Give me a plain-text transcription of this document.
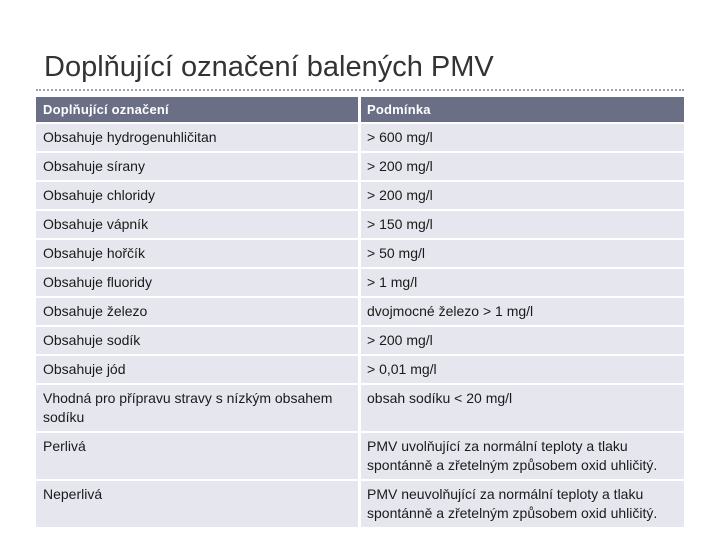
Doplňující označení balených PMV
Doplňující označení	Podmínka
Obsahuje hydrogenuhličitan	> 600 mg/l
Obsahuje sírany	> 200 mg/l
Obsahuje chloridy	> 200 mg/l
Obsahuje vápník	> 150 mg/l
Obsahuje hořčík	> 50 mg/l
Obsahuje fluoridy	> 1 mg/l
Obsahuje železo	dvojmocné železo > 1 mg/l
Obsahuje sodík	> 200 mg/l
Obsahuje jód	> 0,01 mg/l
Vhodná pro přípravu stravy s nízkým obsahem sodíku	obsah sodíku < 20 mg/l
Perlivá	PMV uvolňující za normální teploty a tlaku spontánně a zřetelným způsobem oxid uhličitý.
Neperlivá	PMV neuvolňující za normální teploty a tlaku spontánně a zřetelným způsobem oxid uhličitý.
